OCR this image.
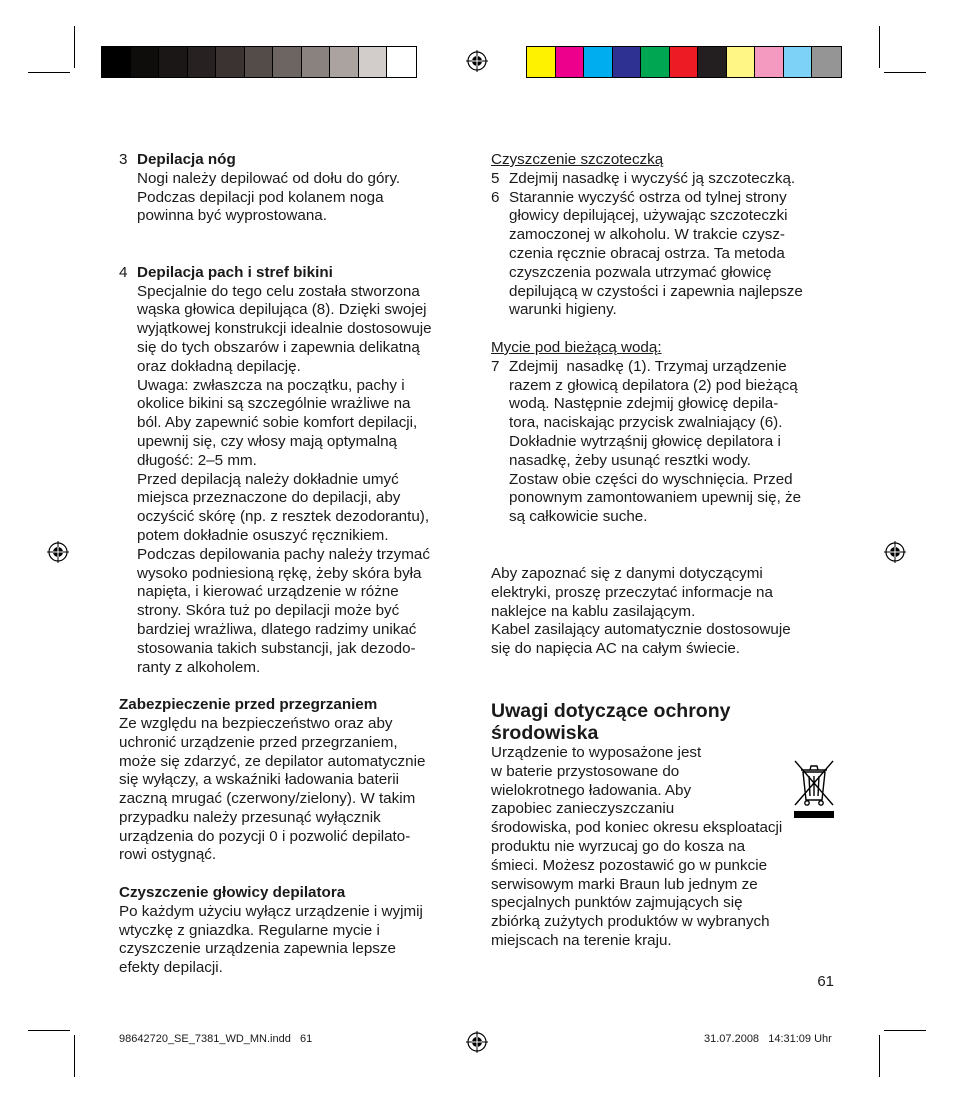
3 Depilacja nóg

Nogi należy depilować od dołu do góry.
Podczas depilacji pod kolanem noga
powinna być wyprostowana.
4 Depilacja pach i stref bikini

Specjalnie do tego celu została stworzona
wąska głowica depilująca (8). Dzięki swojej
wyjątkowej konstrukcji idealnie dostosowuje
się do tych obszarów i zapewnia delikatną
oraz dokładną depilację.
Uwaga: zwłaszcza na początku, pachy i
okolice bikini są szczególnie wrażliwe na
ból. Aby zapewnić sobie komfort depilacji,
upewnij się, czy włosy mają optymalną
długość: 2–5 mm.
Przed depilacją należy dokładnie umyć
miejsca przeznaczone do depilacji, aby
oczyścić skórę (np. z resztek dezodorantu),
potem dokładnie osuszyć ręcznikiem.
Podczas depilowania pachy należy trzymać
wysoko podniesioną rękę, żeby skóra była
napięta, i kierować urządzenie w różne
strony. Skóra tuż po depilacji może być
bardziej wrażliwa, dlatego radzimy unikać
stosowania takich substancji, jak dezodo-
ranty z alkoholem.

Zabezpieczenie przed przegrzaniem

Ze względu na bezpieczeństwo oraz aby
uchronić urządzenie przed przegrzaniem,
może się zdarzyć, ze depilator automatycznie
się wyłączy, a wskaźniki ładowania baterii
zaczną mrugać (czerwony/zielony). W takim
przypadku należy przesunąć wyłącznik
urządzenia do pozycji 0 i pozwolić depilato-
rowi ostygnąć.

Czyszczenie głowicy depilatora

Po każdym użyciu wyłącz urządzenie i wyjmij
wtyczkę z gniazdka. Regularne mycie i
czyszczenie urządzenia zapewnia lepsze
efekty depilacji.

Czyszczenie szczoteczką

5 Zdejmij nasadkę i wyczyść ją szczoteczką.
6 Starannie wyczyść ostrza od tylnej strony
głowicy depilującej, używając szczoteczki
zamoczonej w alkoholu. W trakcie czysz-
czenia ręcznie obracaj ostrza. Ta metoda
czyszczenia pozwala utrzymać głowicę
depilującą w czystości i zapewnia najlepsze
warunki higieny.

Mycie pod bieżącą wodą:

7 Zdejmij  nasadkę (1). Trzymaj urządzenie
razem z głowicą depilatora (2) pod bieżącą
wodą. Następnie zdejmij głowicę depila-
tora, naciskając przycisk zwalniający (6).
Dokładnie wytrząśnij głowicę depilatora i
nasadkę, żeby usunąć resztki wody.
Zostaw obie części do wyschnięcia. Przed
ponownym zamontowaniem upewnij się, że
są całkowicie suche.
Aby zapoznać się z danymi dotyczącymi
elektryki, proszę przeczytać informacje na
naklejce na kablu zasilającym.
Kabel zasilający automatycznie dostosowuje
się do napięcia AC na całym świecie.

Uwagi dotyczące ochrony

środowiska

Urządzenie to wyposażone jest
w baterie przystosowane do
wielokrotnego ładowania. Aby
zapobiec zanieczyszczaniu
środowiska, pod koniec okresu eksploatacji
produktu nie wyrzucaj go do kosza na
śmieci. Możesz pozostawić go w punkcie
serwisowym marki Braun lub jednym ze
specjalnych punktów zajmujących się
zbiórką zużytych produktów w wybranych
miejscach na terenie kraju.
61
98642720_SE_7381_WD_MN.indd   61	31.07.2008   14:31:09 Uhr
